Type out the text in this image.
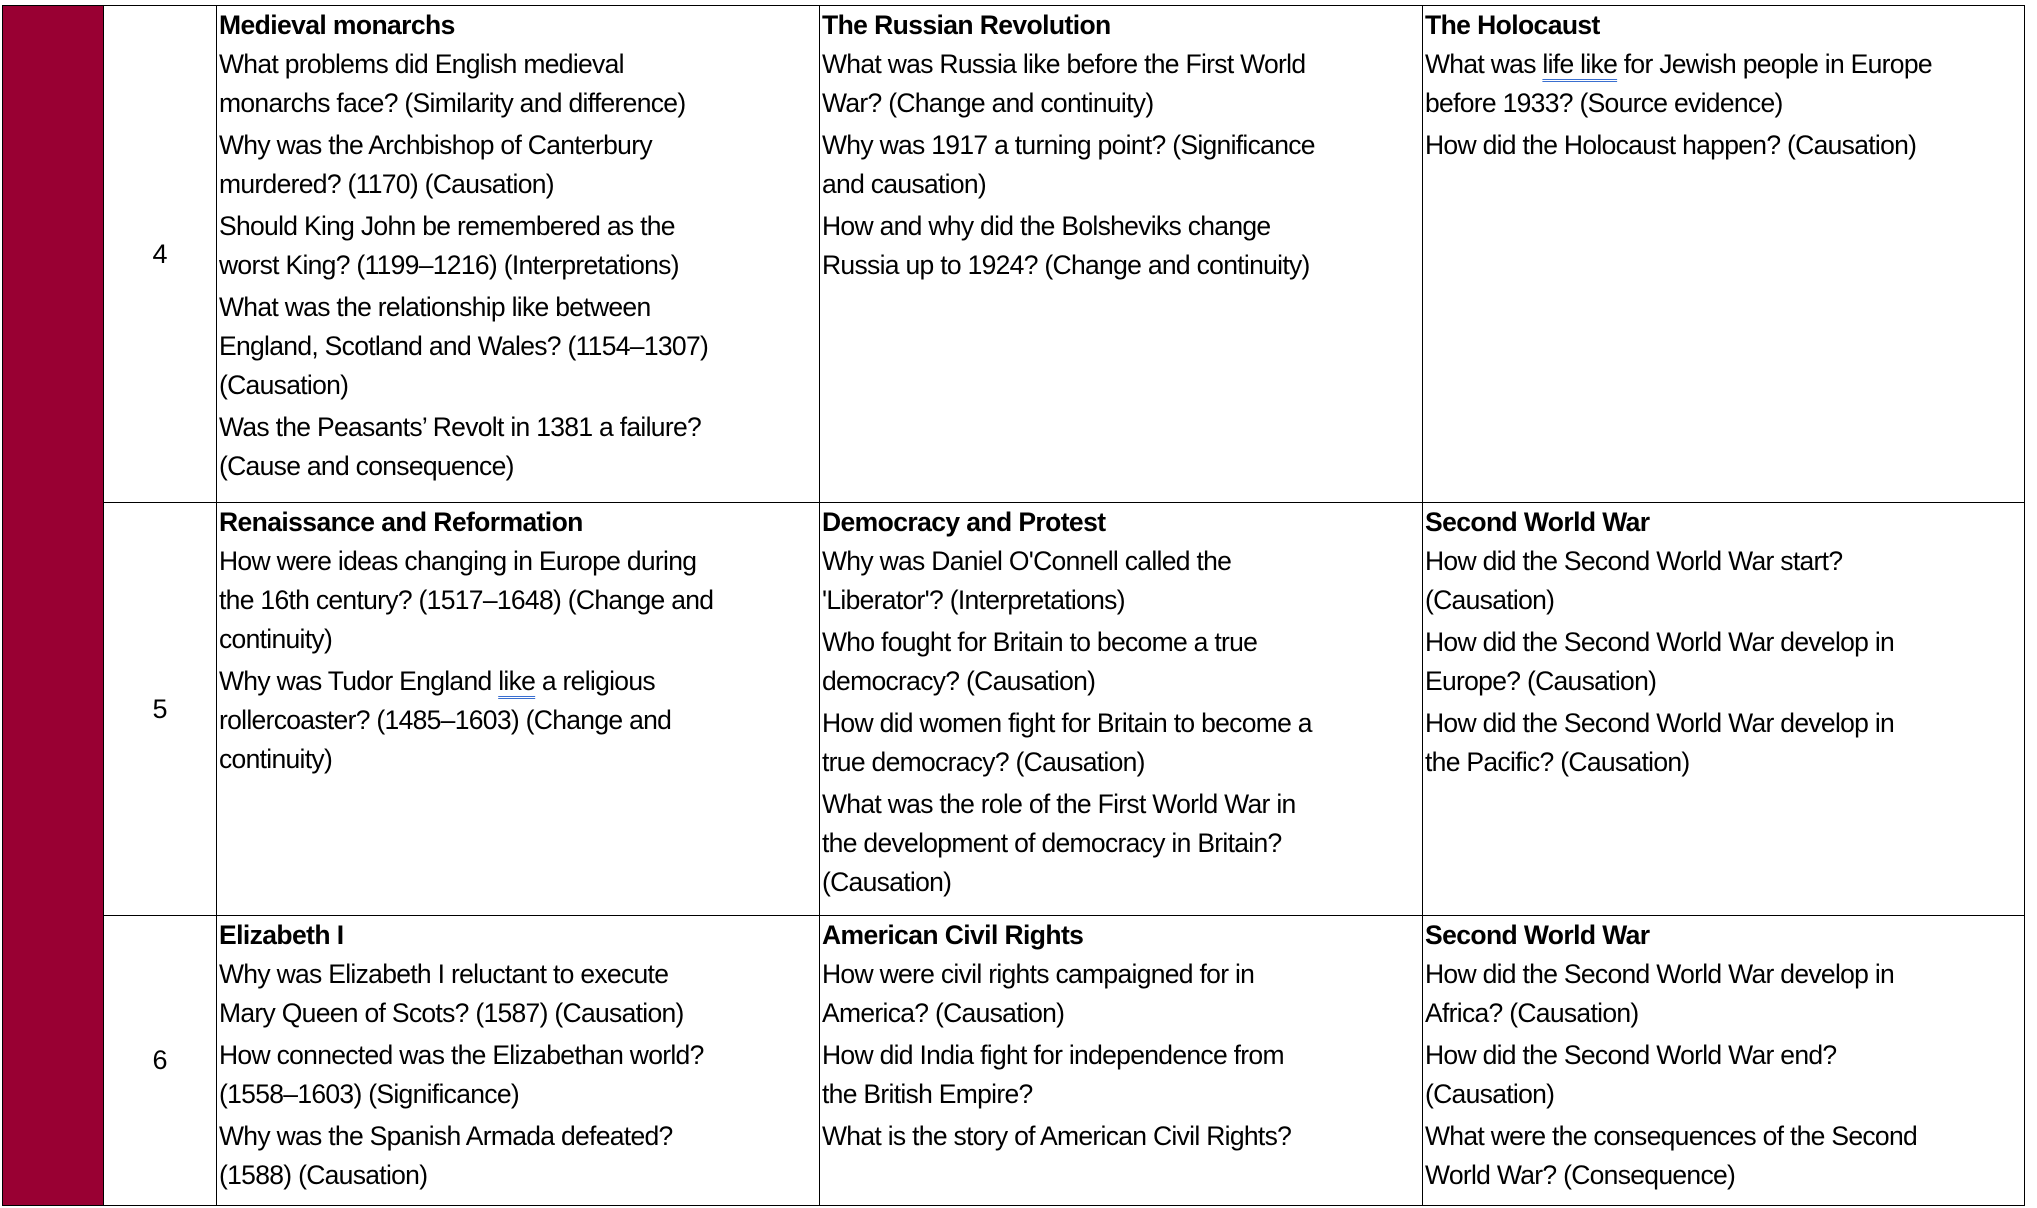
	4	
Medieval monarchs
What problems did English medieval
monarchs face? (Similarity and difference)
Why was the Archbishop of Canterbury
murdered? (1170) (Causation)
Should King John be remembered as the
worst King? (1199–1216) (Interpretations)
What was the relationship like between
England, Scotland and Wales? (1154–1307)
(Causation)
Was the Peasants’ Revolt in 1381 a failure?
(Cause and consequence)

The Russian Revolution
What was Russia like before the First World
War? (Change and continuity)
Why was 1917 a turning point? (Significance
and causation)
How and why did the Bolsheviks change
Russia up to 1924? (Change and continuity)

The Holocaust
What was life like for Jewish people in Europe
before 1933? (Source evidence)
How did the Holocaust happen? (Causation)

5	
Renaissance and Reformation
How were ideas changing in Europe during
the 16th century? (1517–1648) (Change and
continuity)
Why was Tudor England like a religious
rollercoaster? (1485–1603) (Change and
continuity)

Democracy and Protest
Why was Daniel O'Connell called the
'Liberator'? (Interpretations)
Who fought for Britain to become a true
democracy? (Causation)
How did women fight for Britain to become a
true democracy? (Causation)
What was the role of the First World War in
the development of democracy in Britain?
(Causation)

Second World War
How did the Second World War start?
(Causation)
How did the Second World War develop in
Europe? (Causation)
How did the Second World War develop in
the Pacific? (Causation)

6	
Elizabeth I
Why was Elizabeth I reluctant to execute
Mary Queen of Scots? (1587) (Causation)
How connected was the Elizabethan world?
(1558–1603) (Significance)
Why was the Spanish Armada defeated?
(1588) (Causation)

American Civil Rights
How were civil rights campaigned for in
America? (Causation)
How did India fight for independence from
the British Empire?
What is the story of American Civil Rights?

Second World War
How did the Second World War develop in
Africa? (Causation)
How did the Second World War end?
(Causation)
What were the consequences of the Second
World War? (Consequence)
